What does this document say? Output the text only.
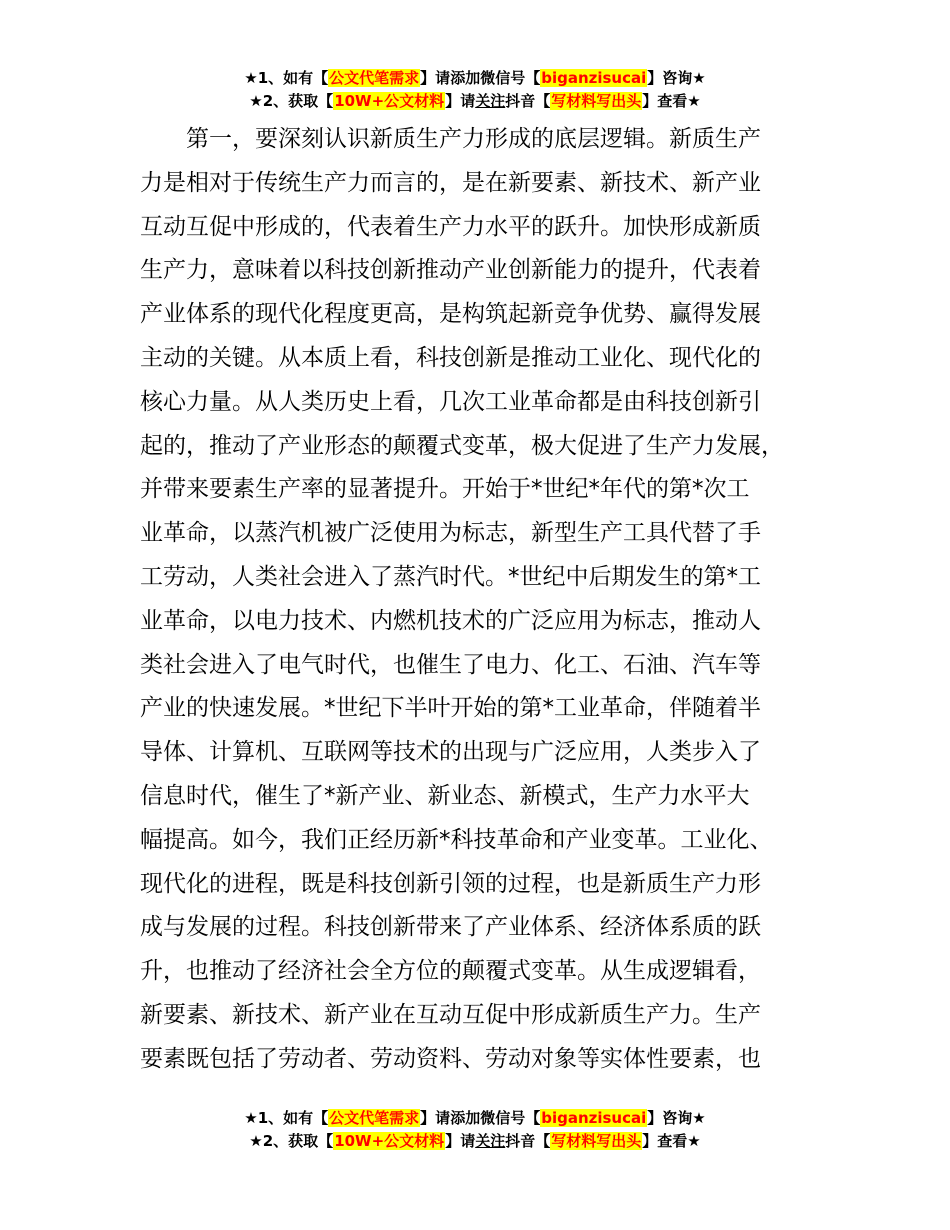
★1、如有【公文代笔需求】请添加微信号【biganzisucai】咨询★
★2、获取【10W+公文材料】请关注抖音【写材料写出头】查看★
　　第一，要深刻认识新质生产力形成的底层逻辑。新质生产
力是相对于传统生产力而言的，是在新要素、新技术、新产业
互动互促中形成的，代表着生产力水平的跃升。加快形成新质
生产力，意味着以科技创新推动产业创新能力的提升，代表着
产业体系的现代化程度更高，是构筑起新竞争优势、赢得发展
主动的关键。从本质上看，科技创新是推动工业化、现代化的
核心力量。从人类历史上看，几次工业革命都是由科技创新引
起的，推动了产业形态的颠覆式变革，极大促进了生产力发展，
并带来要素生产率的显著提升。开始于*世纪*年代的第*次工
业革命，以蒸汽机被广泛使用为标志，新型生产工具代替了手
工劳动，人类社会进入了蒸汽时代。*世纪中后期发生的第*工
业革命，以电力技术、内燃机技术的广泛应用为标志，推动人
类社会进入了电气时代，也催生了电力、化工、石油、汽车等
产业的快速发展。*世纪下半叶开始的第*工业革命，伴随着半
导体、计算机、互联网等技术的出现与广泛应用，人类步入了
信息时代，催生了*新产业、新业态、新模式，生产力水平大
幅提高。如今，我们正经历新*科技革命和产业变革。工业化、
现代化的进程，既是科技创新引领的过程，也是新质生产力形
成与发展的过程。科技创新带来了产业体系、经济体系质的跃
升，也推动了经济社会全方位的颠覆式变革。从生成逻辑看，
新要素、新技术、新产业在互动互促中形成新质生产力。生产
要素既包括了劳动者、劳动资料、劳动对象等实体性要素，也
★1、如有【公文代笔需求】请添加微信号【biganzisucai】咨询★
★2、获取【10W+公文材料】请关注抖音【写材料写出头】查看★
